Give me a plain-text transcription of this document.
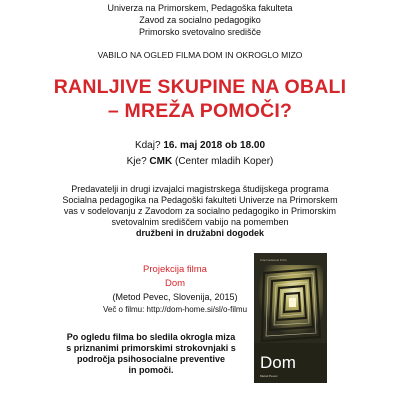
Univerza na Primorskem, Pedagoška fakulteta
Zavod za socialno pedagogiko
Primorsko svetovalno središče
VABILO NA OGLED FILMA DOM IN OKROGLO MIZO
RANLJIVE SKUPINE NA OBALI
– MREŽA POMOČI?
Kdaj? 16. maj 2018 ob 18.00
Kje? CMK (Center mladih Koper)
Predavatelji in drugi izvajalci magistrskega študijskega programa
Socialna pedagogika na Pedagoški fakulteti Univerze na Primorskem
vas v sodelovanju z Zavodom za socialno pedagogiko in Primorskim
svetovalnim središčem vabijo na pomemben
družbeni in družabni dogodek
Projekcija filma
Dom
(Metod Pevec, Slovenija, 2015)
Več o filmu: http://dom-home.si/sl/o-filmu
Po ogledu filma bo sledila okrogla miza
s priznanimi primorskimi strokovnjaki s
področja psihosocialne preventive
in pomoči.
International Film
Dom
Metod Pevec
